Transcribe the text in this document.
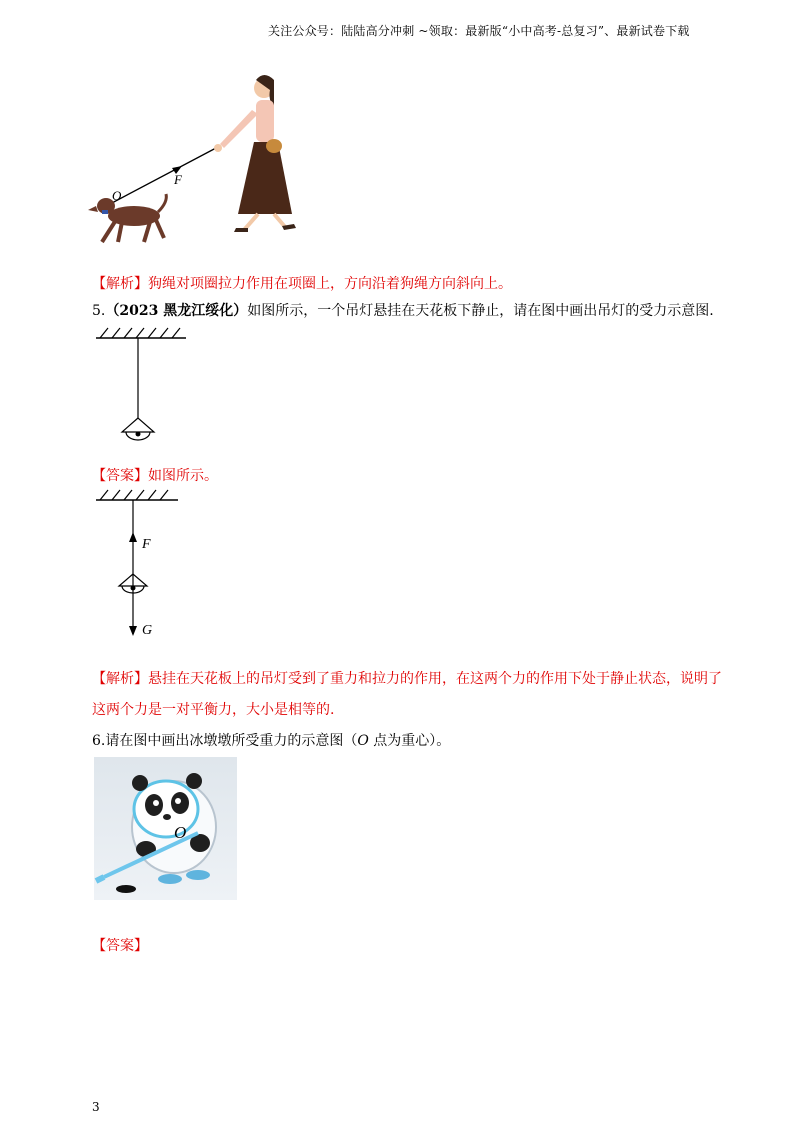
关注公众号：陆陆高分冲刺 ~领取：最新版“小中高考-总复习”、最新试卷下载
O
F
【解析】狗绳对项圈拉力作用在项圈上，方向沿着狗绳方向斜向上。
5.（2023 黑龙江绥化）如图所示，一个吊灯悬挂在天花板下静止，请在图中画出吊灯的受力示意图.
【答案】如图所示。
F
G
【解析】悬挂在天花板上的吊灯受到了重力和拉力的作用，在这两个力的作用下处于静止状态，说明了
这两个力是一对平衡力，大小是相等的.
6.请在图中画出冰墩墩所受重力的示意图（O 点为重心）。
O
【答案】
3
